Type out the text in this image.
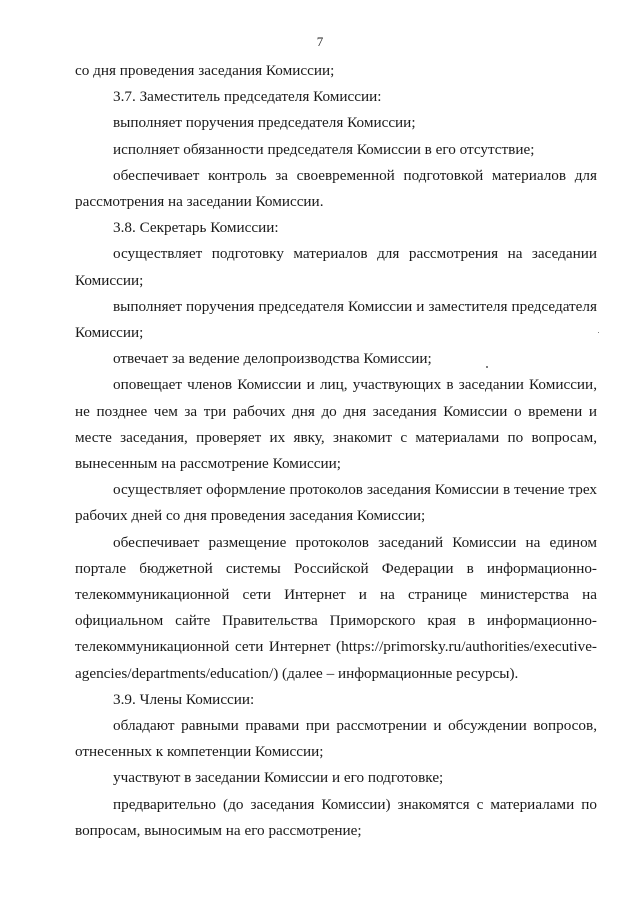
7

со дня проведения заседания Комиссии;

3.7. Заместитель председателя Комиссии:

выполняет поручения председателя Комиссии;

исполняет обязанности председателя Комиссии в его отсутствие;

обеспечивает контроль за своевременной подготовкой материалов для рассмотрения на заседании Комиссии.

3.8. Секретарь Комиссии:

осуществляет подготовку материалов для рассмотрения на заседании Комиссии;

выполняет поручения председателя Комиссии и заместителя председателя Комиссии;

отвечает за ведение делопроизводства Комиссии;

оповещает членов Комиссии и лиц, участвующих в заседании Комиссии, не позднее чем за три рабочих дня до дня заседания Комиссии о времени и месте заседания, проверяет их явку, знакомит с материалами по вопросам, вынесенным на рассмотрение Комиссии;

осуществляет оформление протоколов заседания Комиссии в течение трех рабочих дней со дня проведения заседания Комиссии;

обеспечивает размещение протоколов заседаний Комиссии на едином портале бюджетной системы Российской Федерации в информационно-телекоммуникационной сети Интернет и на странице министерства на официальном сайте Правительства Приморского края в информационно-телекоммуникационной сети Интернет (https://primorsky.ru/authorities/executive-agencies/departments/education/) (далее – информационные ресурсы).

3.9. Члены Комиссии:

обладают равными правами при рассмотрении и обсуждении вопросов, отнесенных к компетенции Комиссии;

участвуют в заседании Комиссии и его подготовке;

предварительно (до заседания Комиссии) знакомятся с материалами по вопросам, выносимым на его рассмотрение;
